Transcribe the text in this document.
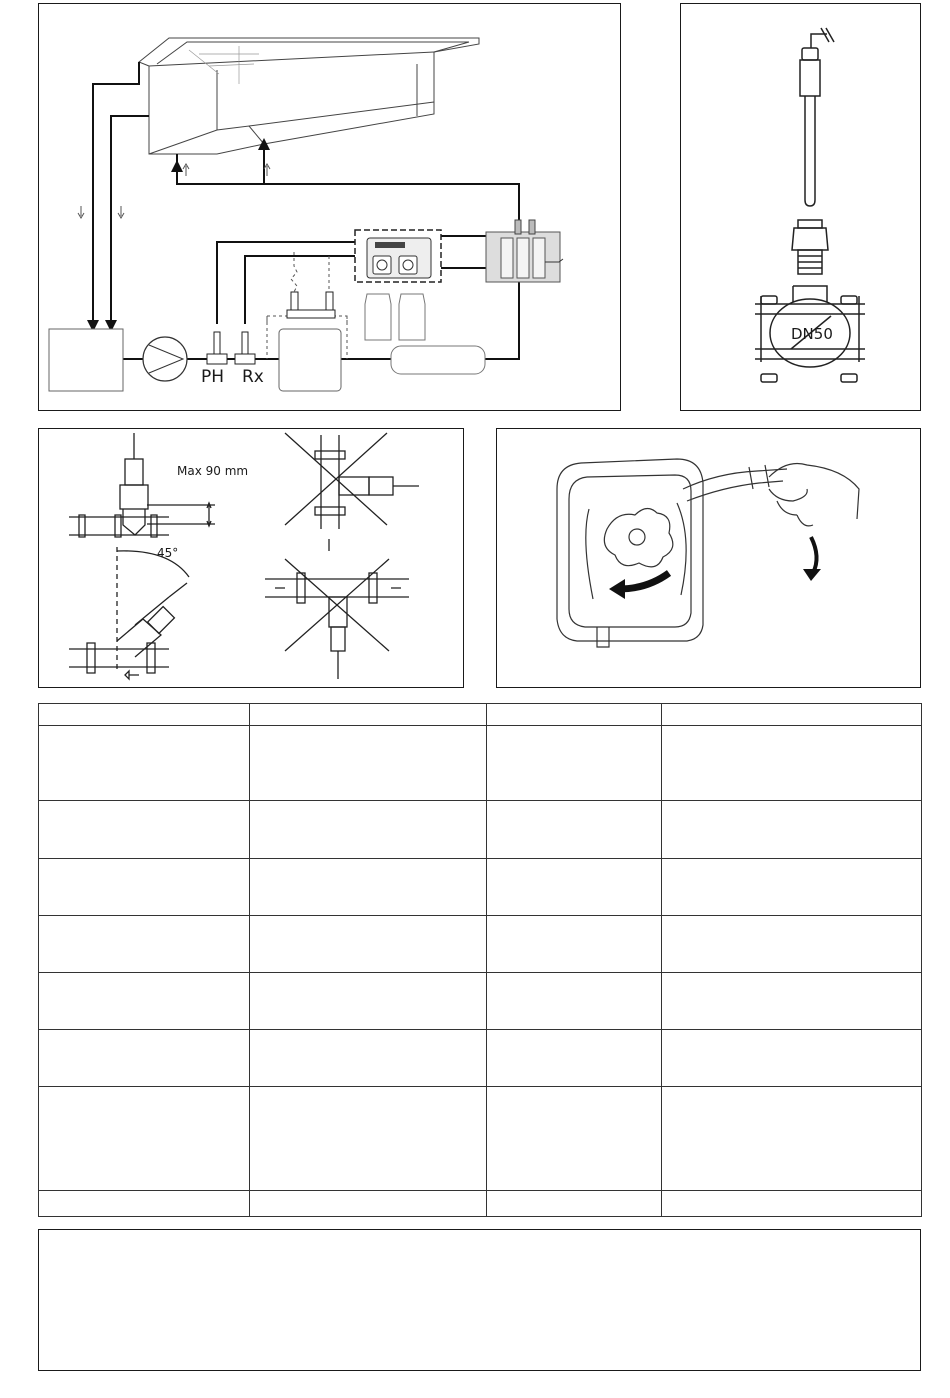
PH Rx
DN50
Max 90 mm
45°
